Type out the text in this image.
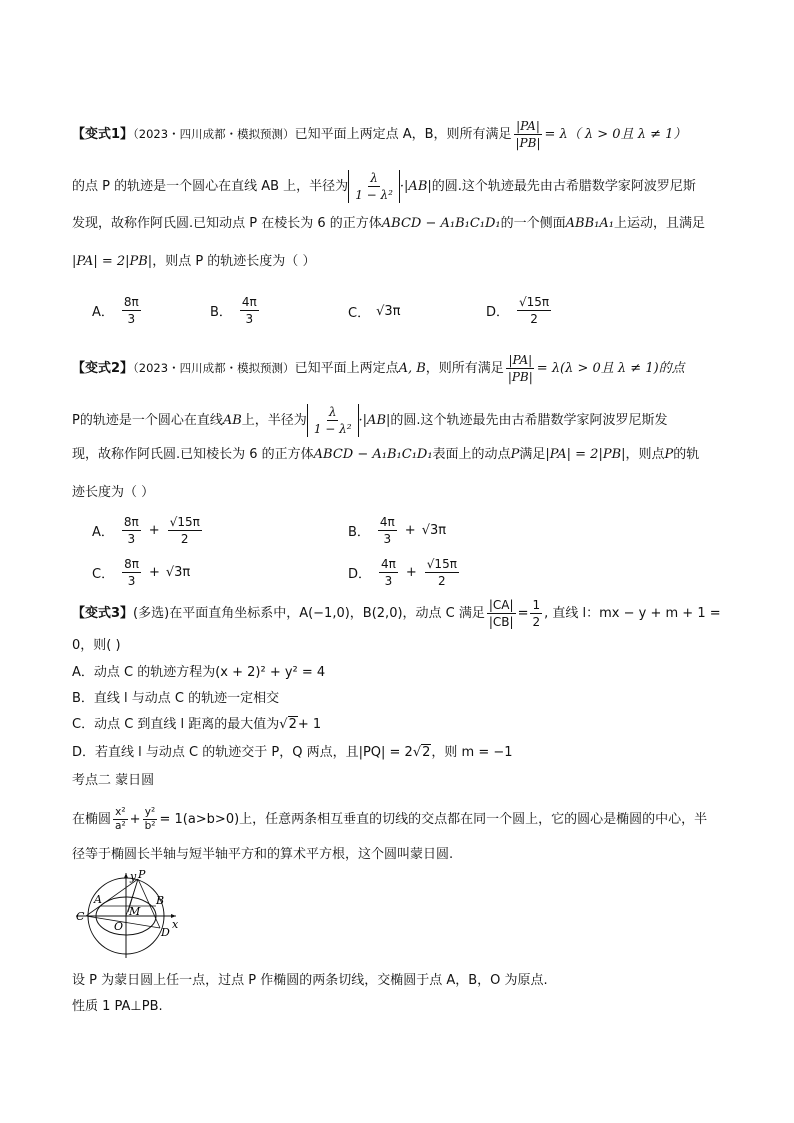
【变式1】（2023・四川成都・模拟预测）已知平面上两定点 A，B，则所有满足 $\frac{|PA|}{|PB|} = \lambda$（ λ > 0且 λ ≠ 1）
的点 P 的轨迹是一个圆心在直线 AB 上，半径为 $\frac{\lambda}{\text{1 − λ²}} \cdot|AB|$的圆.这个轨迹最先由古希腊数学家阿波罗尼斯
发现，故称作阿氏圆.已知动点 P 在棱长为 6 的正方体ABCD − A₁B₁C₁D₁的一个侧面ABB₁A₁上运动，且满足
|PA| = 2|PB|，则点 P 的轨迹长度为（ ）
A． $\frac{8\pi}{3}$	B． $\frac{4\pi}{3}$	C． √3π	D． $\frac{√15\pi}{2}$
【变式2】（2023・四川成都・模拟预测）已知平面上两定点A, B，则所有满足 $\frac{|PA|}{|PB|} = \lambda(\lambda > 0$且 λ ≠ 1)的点
P的轨迹是一个圆心在直线AB上，半径为 $\frac{\lambda}{\text{1 − λ²}} \cdot|AB|$的圆.这个轨迹最先由古希腊数学家阿波罗尼斯发
现，故称作阿氏圆.已知棱长为 6 的正方体ABCD − A₁B₁C₁D₁表面上的动点P满足|PA| = 2|PB|，则点P的轨
迹长度为（ ）
A． $\frac{8\pi}{3} + \frac{√15\pi}{2}$	B． $\frac{4\pi}{3} + √3\pi$
C． $\frac{8\pi}{3} + √3\pi$	D． $\frac{4\pi}{3} + \frac{√15\pi}{2}$
【变式3】(多选)在平面直角坐标系中，A(−1,0)，B(2,0)，动点 C 满足 $\frac{|CA|}{|CB|} = \frac{1}{2}$ , 直线 l：mx − y + m + 1 =
0，则( )
A．动点 C 的轨迹方程为(x + 2)² + y² = 4
B．直线 l 与动点 C 的轨迹一定相交
C．动点 C 到直线 l 距离的最大值为√2+ 1
D．若直线 l 与动点 C 的轨迹交于 P，Q 两点，且|PQ| = 2√2，则 m = −1
考点二 蒙日圆
在椭圆 $\frac{\text{x²}}{\text{a²}} + \frac{\text{y²}}{\text{b²}} = 1(a>b>0)$上，任意两条相互垂直的切线的交点都在同一个圆上，它的圆心是椭圆的中心，半
径等于椭圆长半轴与短半轴平方和的算术平方根，这个圆叫蒙日圆.
y P
A	B
C	M
O	D
x
设 P 为蒙日圆上任一点，过点 P 作椭圆的两条切线，交椭圆于点 A，B，O 为原点.
性质 1 PA⊥PB.
